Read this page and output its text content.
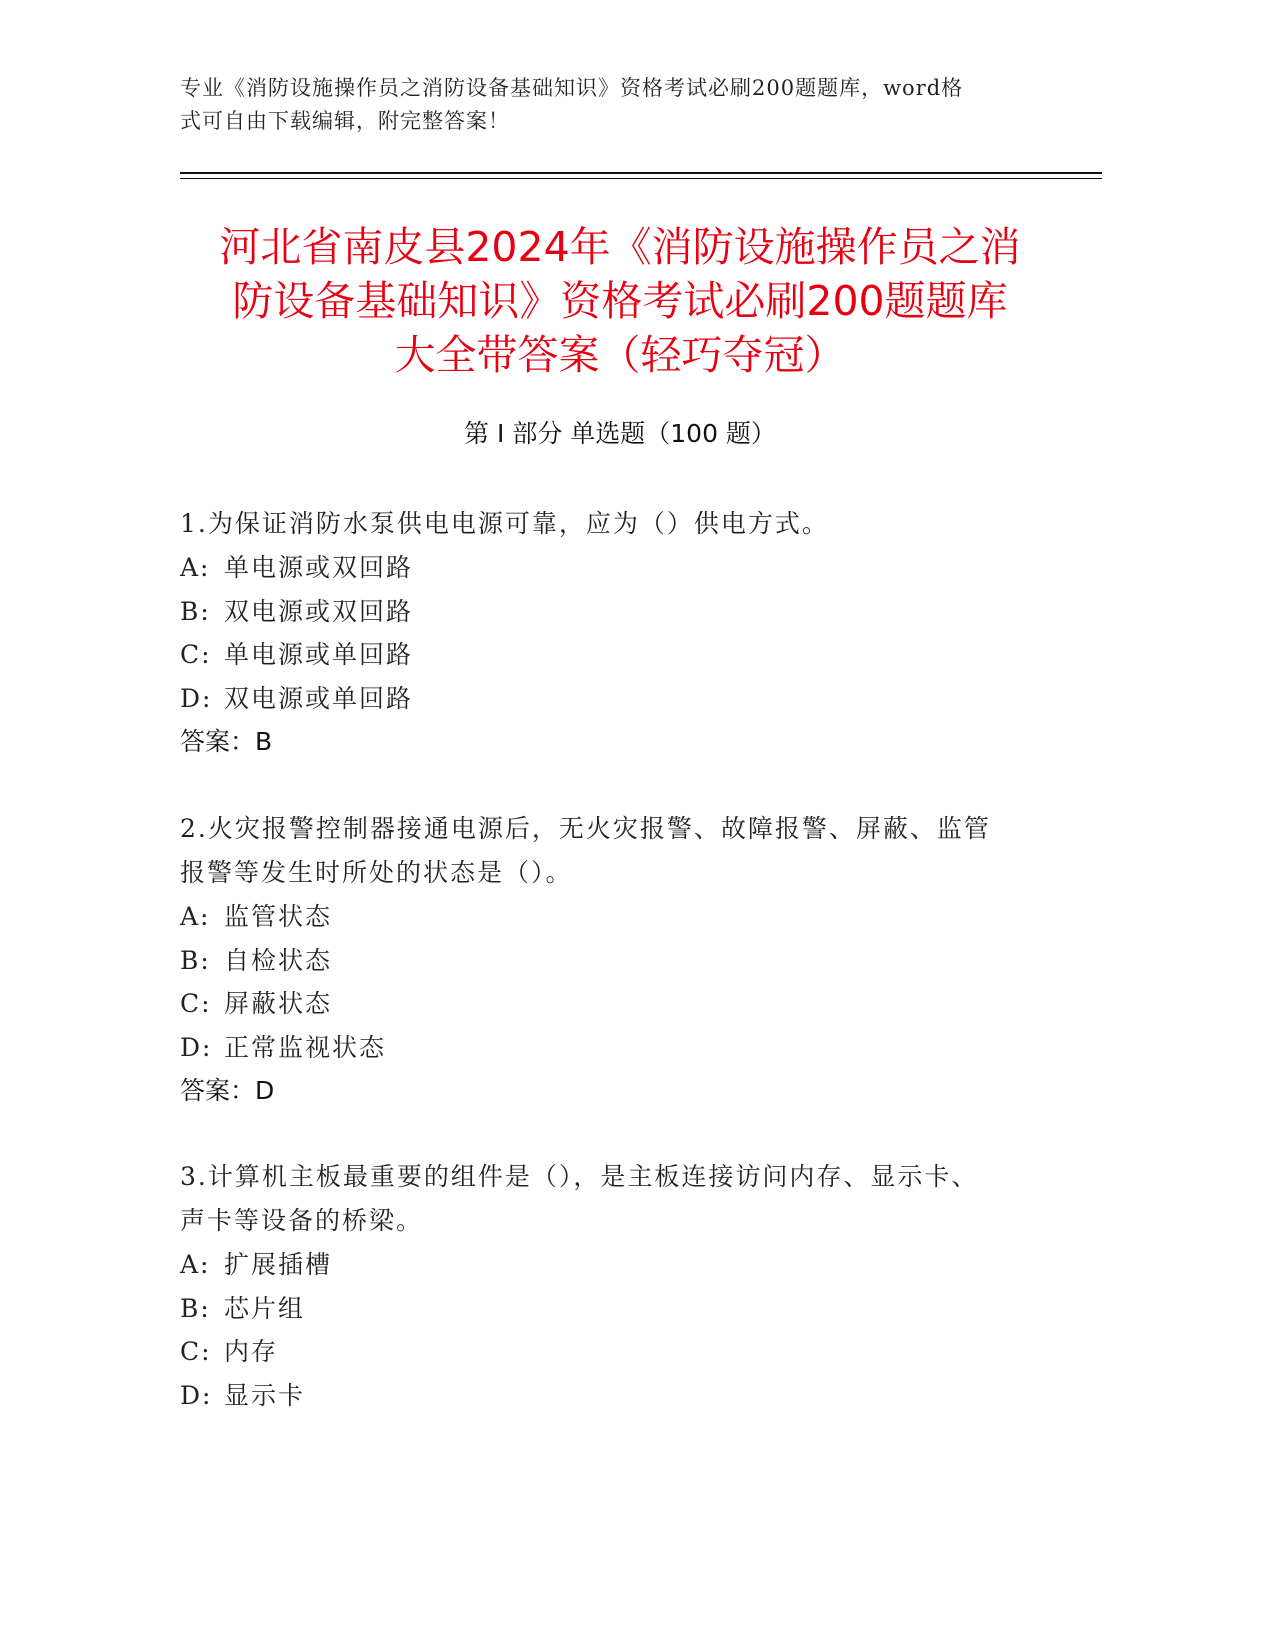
专业《消防设施操作员之消防设备基础知识》资格考试必刷200题题库，word格
式可自由下载编辑，附完整答案！
河北省南皮县2024年《消防设施操作员之消
防设备基础知识》资格考试必刷200题题库
大全带答案（轻巧夺冠）
第 I 部分 单选题（100 题）
1.为保证消防水泵供电电源可靠，应为（）供电方式。
A: 单电源或双回路
B: 双电源或双回路
C: 单电源或单回路
D: 双电源或单回路
答案：B
2.火灾报警控制器接通电源后，无火灾报警、故障报警、屏蔽、监管
报警等发生时所处的状态是（）。
A: 监管状态
B: 自检状态
C: 屏蔽状态
D: 正常监视状态
答案：D
3.计算机主板最重要的组件是（），是主板连接访问内存、显示卡、
声卡等设备的桥梁。
A: 扩展插槽
B: 芯片组
C: 内存
D: 显示卡
